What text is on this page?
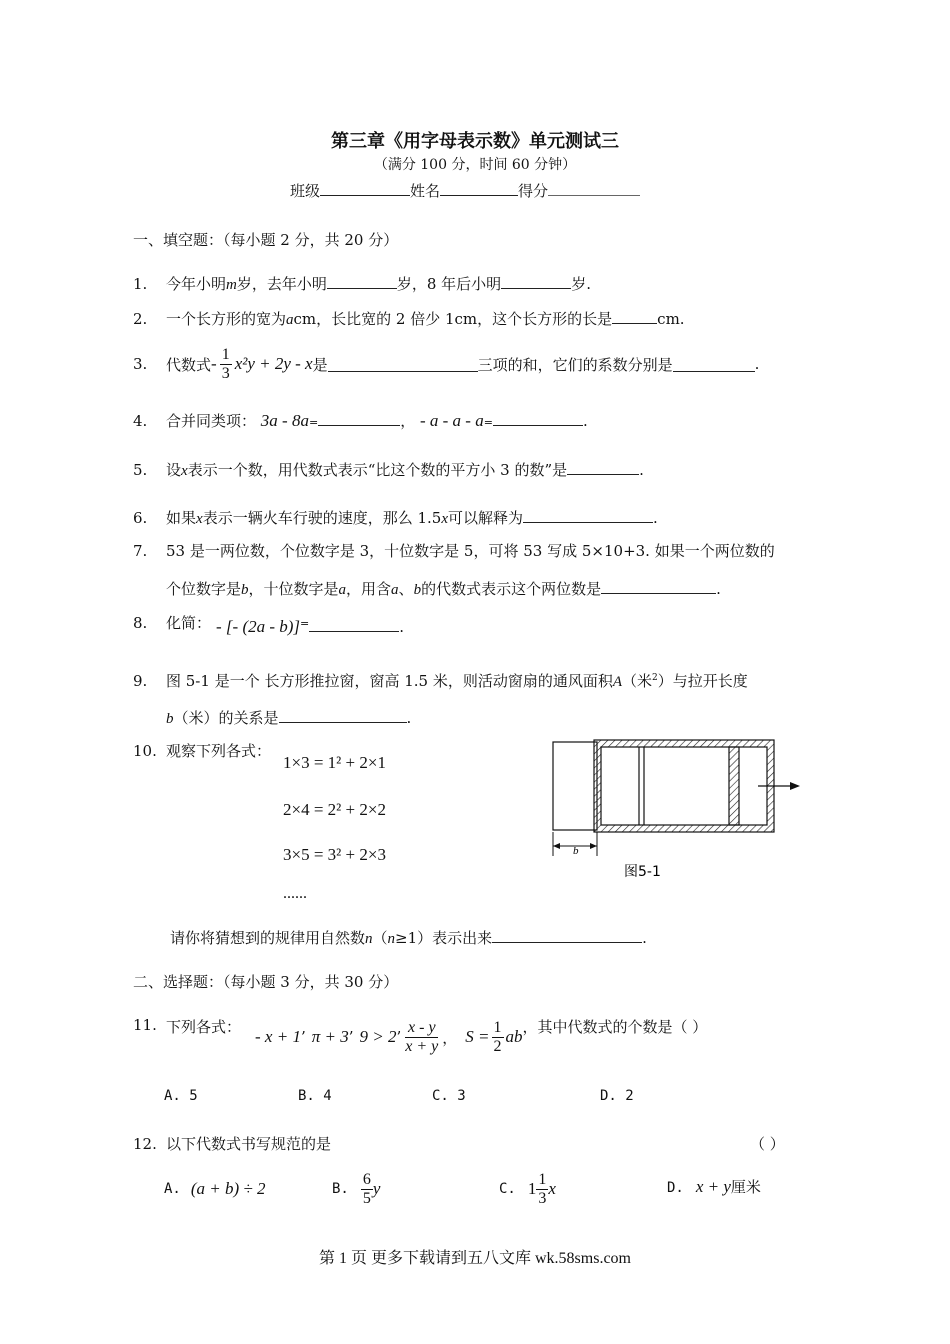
第三章《用字母表示数》单元测试三
（满分 100 分，时间 60 分钟）
班级	姓名	得分
一、填空题：（每小题 2 分，共 20 分）
1. 今年小明m岁，去年小明	岁，8 年后小明	岁.
2. 一个长方形的宽为acm，长比宽的 2 倍少 1cm，这个长方形的长是	cm.
3.	代数式 - $\frac{1}{3} x^2y + 2y - x$ 是	三项的和，它们的系数分别是	.
4. 合并同类项： 3a - 8a=	， - a - a - a=	.
5. 设x表示一个数，用代数式表示“比这个数的平方小 3 的数”是	.
6. 如果x表示一辆火车行驶的速度，那么 1.5x可以解释为	.
7. 53 是一两位数，个位数字是 3，十位数字是 5，可将 53 写成 5×10+3. 如果一个两位数的
个位数字是b，十位数字是a，用含a、b的代数式表示这个两位数是	.
8. 化简： - [- (2a - b)]=	.
9. 图 5-1 是一个 长方形推拉窗，窗高 1.5 米，则活动窗扇的通风面积A（米$^2$）与拉开长度
b（米）的关系是	.
10. 观察下列各式：
1×3 = 1² + 2×1
2×4 = 2² + 2×2
3×5 = 3² + 2×3
......
请你将猜想到的规律用自然数n（n≥1）表示出来	.
b
图5-1
二、选择题：（每小题 3 分，共 30 分）
11. 下列各式： - x + 1 ’ π + 3 ’ 9 > 2 ’ $\frac{x - y}{x + y}$ ， $S = \frac{1}{2}$ ab ，其中代数式的个数是（ ）
A. 5	B. 4	C. 3	D. 2
12. 以下代数式书写规范的是	（ ）
A. (a + b) ÷ 2	B. $\frac{6}{5}$ y	C. $1 \frac{1}{3}$ x	D. x + y厘米
第 1 页 更多下载请到五八文库 wk.58sms.com
